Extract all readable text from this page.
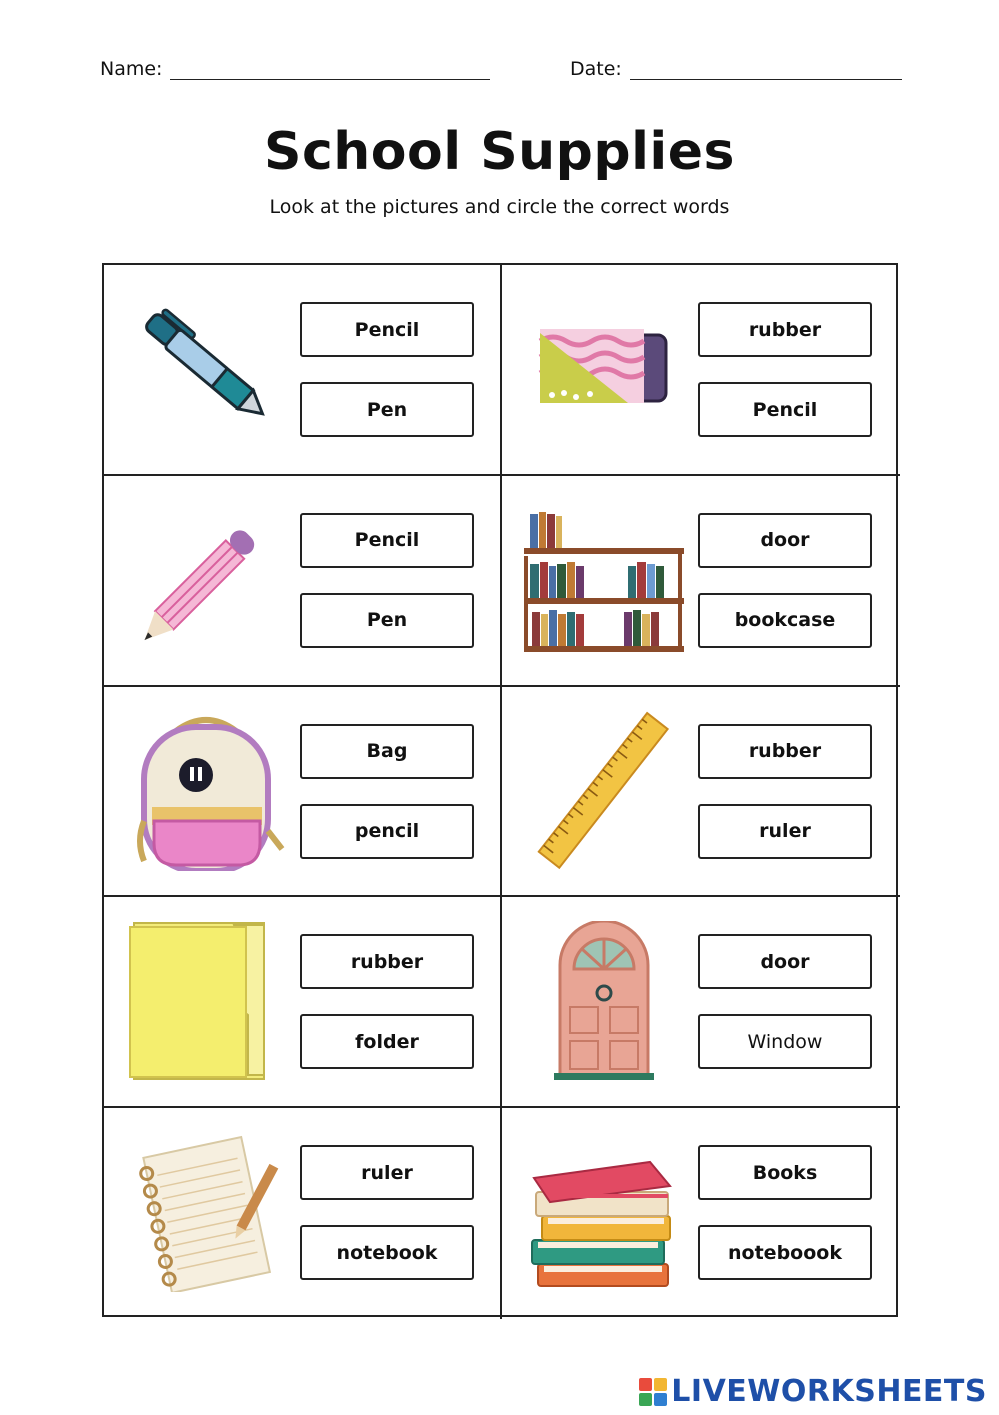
Name:	Date:
School Supplies
Look at the pictures and circle the correct words
Pencil
Pen
rubber
Pencil
Pencil
Pen
door
bookcase
Bag
pencil
rubber
ruler
rubber
folder
door
Window
ruler
notebook
Books
noteboook
LIVEWORKSHEETS
